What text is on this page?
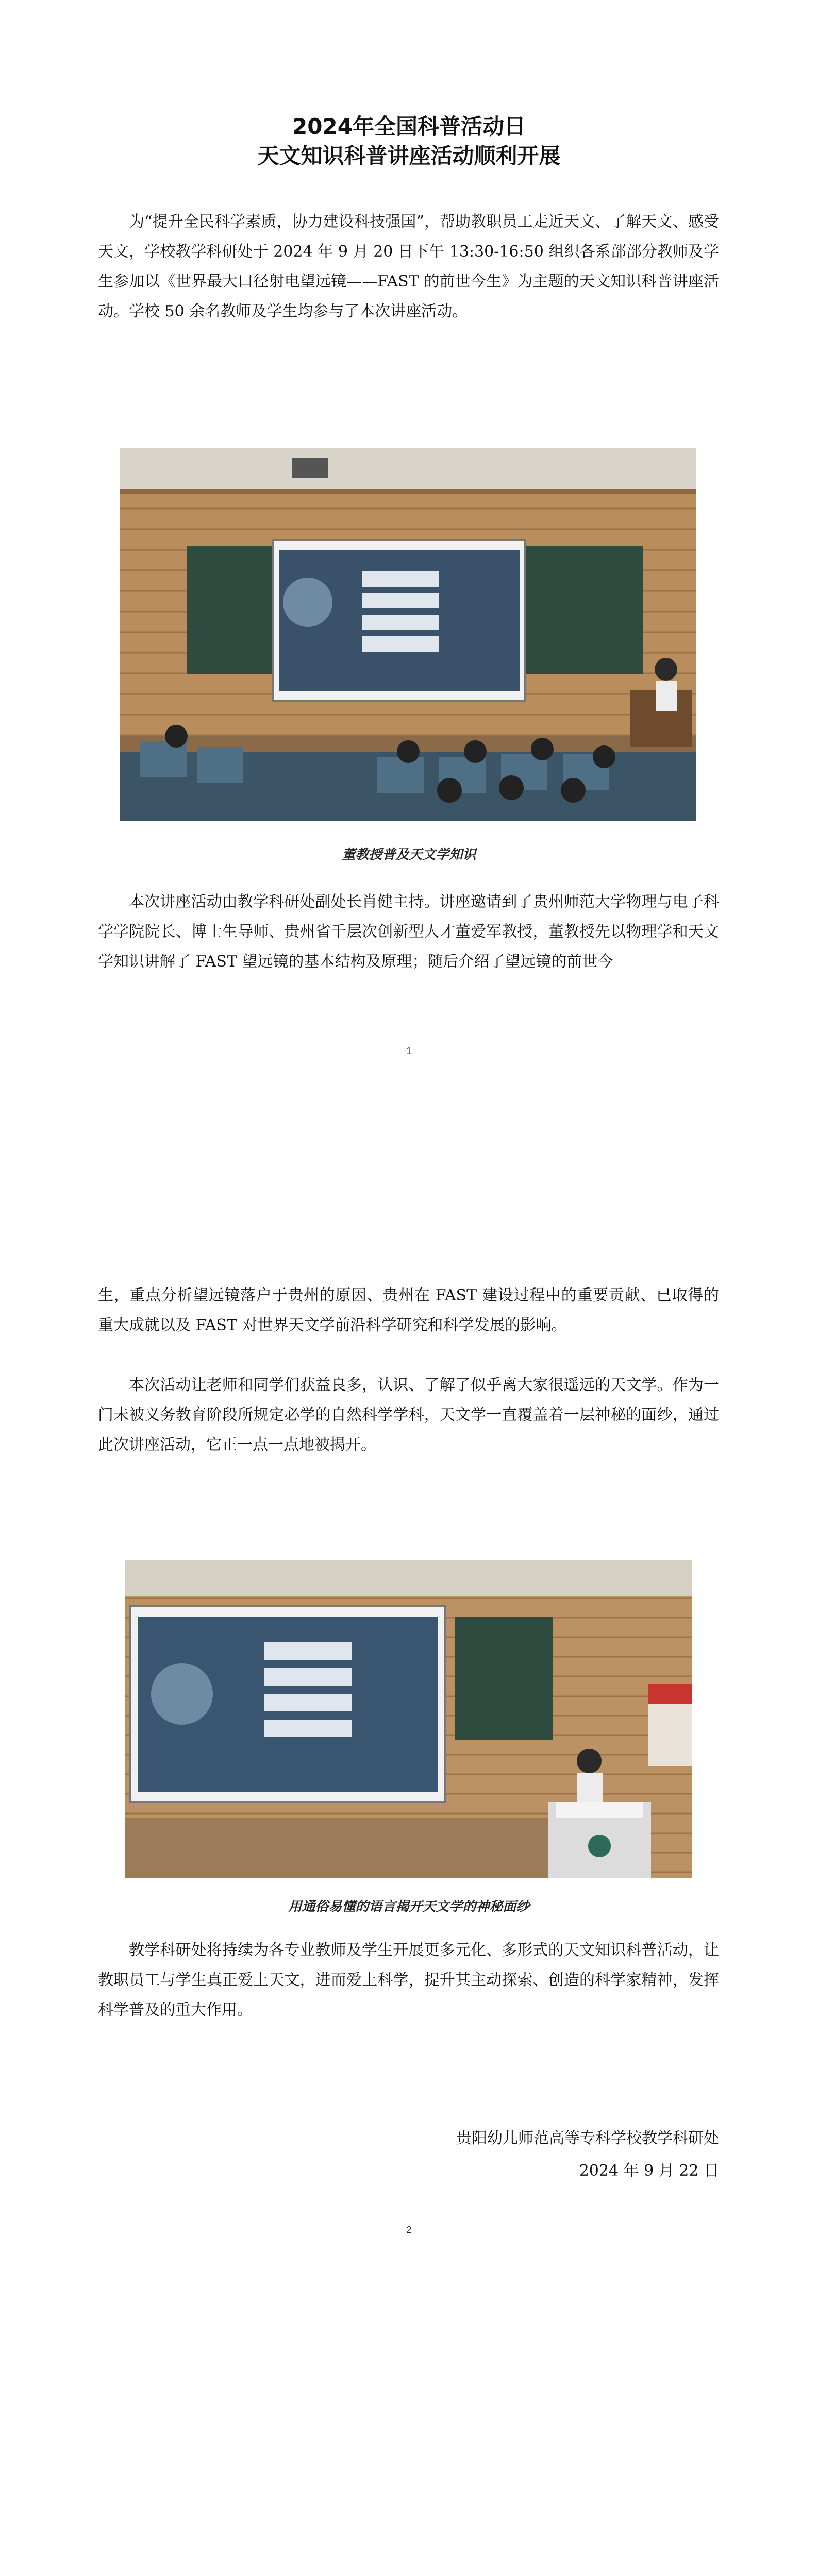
2024年全国科普活动日
天文知识科普讲座活动顺利开展

为“提升全民科学素质，协力建设科技强国”，帮助教职员工走近天文、了解天文、感受天文，学校教学科研处于 2024 年 9 月 20 日下午 13:30-16:50 组织各系部部分教师及学生参加以《世界最大口径射电望远镜——FAST 的前世今生》为主题的天文知识科普讲座活动。学校 50 余名教师及学生均参与了本次讲座活动。

董教授普及天文学知识

本次讲座活动由教学科研处副处长肖健主持。讲座邀请到了贵州师范大学物理与电子科学学院院长、博士生导师、贵州省千层次创新型人才董爱军教授，董教授先以物理学和天文学知识讲解了 FAST 望远镜的基本结构及原理；随后介绍了望远镜的前世今

1

生，重点分析望远镜落户于贵州的原因、贵州在 FAST 建设过程中的重要贡献、已取得的重大成就以及 FAST 对世界天文学前沿科学研究和科学发展的影响。

本次活动让老师和同学们获益良多，认识、了解了似乎离大家很遥远的天文学。作为一门未被义务教育阶段所规定必学的自然科学学科，天文学一直覆盖着一层神秘的面纱，通过此次讲座活动，它正一点一点地被揭开。

用通俗易懂的语言揭开天文学的神秘面纱

教学科研处将持续为各专业教师及学生开展更多元化、多形式的天文知识科普活动，让教职员工与学生真正爱上天文，进而爱上科学，提升其主动探索、创造的科学家精神，发挥科学普及的重大作用。

贵阳幼儿师范高等专科学校教学科研处
2024 年 9 月 22 日
2
